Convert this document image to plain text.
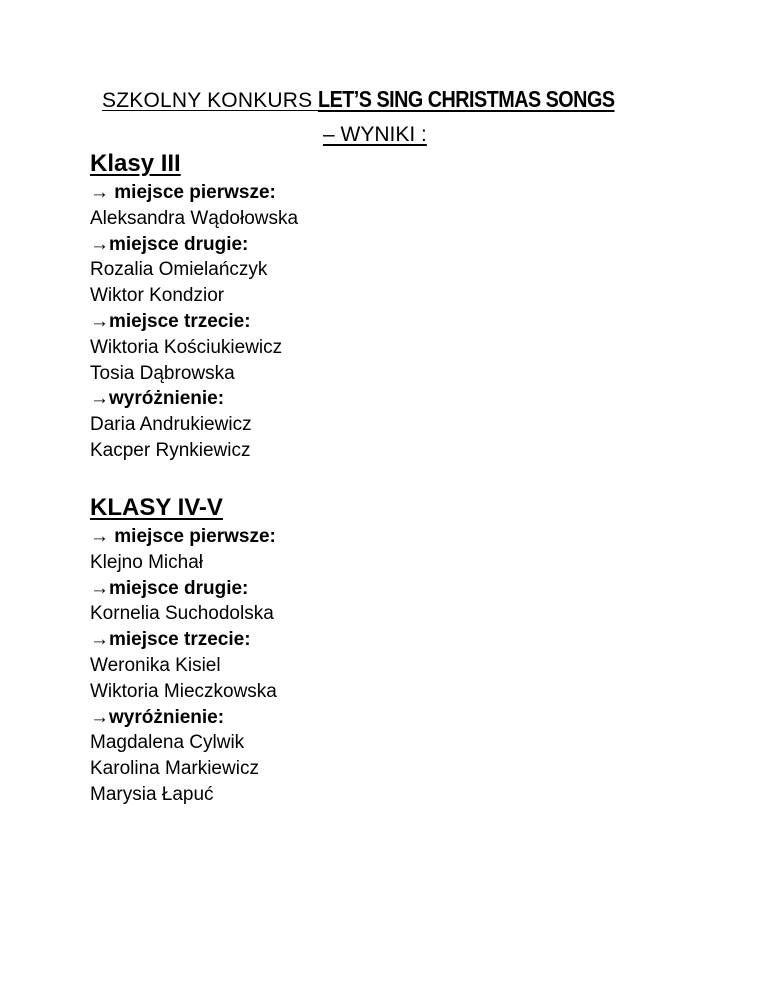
SZKOLNY KONKURS LET’S SING CHRISTMAS SONGS
– WYNIKI :
Klasy III
→ miejsce pierwsze:
Aleksandra Wądołowska
→miejsce drugie:
Rozalia Omielańczyk
Wiktor Kondzior
→miejsce trzecie:
Wiktoria Kościukiewicz
Tosia Dąbrowska
→wyróżnienie:
Daria Andrukiewicz
Kacper Rynkiewicz
KLASY IV-V
→ miejsce pierwsze:
Klejno Michał
→miejsce drugie:
Kornelia Suchodolska
→miejsce trzecie:
Weronika Kisiel
Wiktoria Mieczkowska
→wyróżnienie:
Magdalena Cylwik
Karolina Markiewicz
Marysia Łapuć
